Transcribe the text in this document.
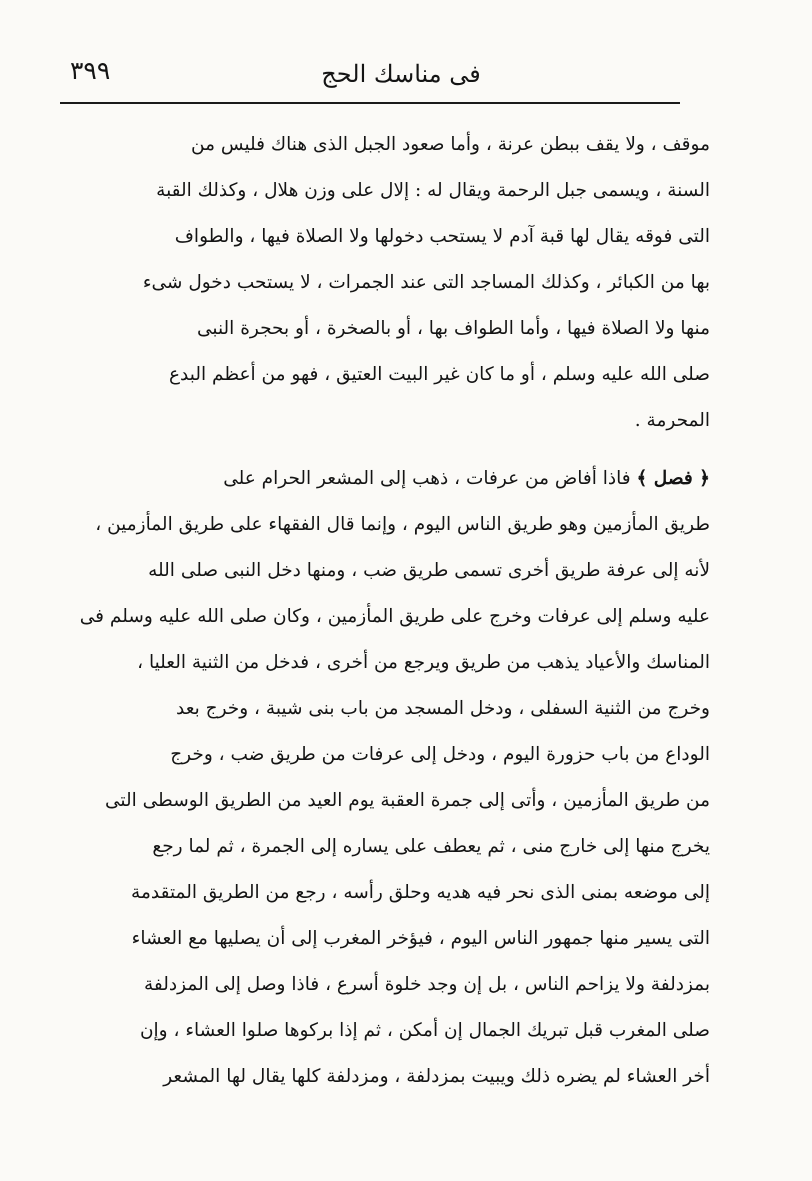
فى مناسك الحج
٣٩٩
موقف ، ولا يقف ببطن عرنة ، وأما صعود الجبل الذى هناك فليس من
السنة ، ويسمى جبل الرحمة ويقال له : إلال على وزن هلال ، وكذلك القبة
التى فوقه يقال لها قبة آدم لا يستحب دخولها ولا الصلاة فيها ، والطواف
بها من الكبائر ، وكذلك المساجد التى عند الجمرات ، لا يستحب دخول شىء
منها ولا الصلاة فيها ، وأما الطواف بها ، أو بالصخرة ، أو بحجرة النبى
صلى الله عليه وسلم ، أو ما كان غير البيت العتيق ، فهو من أعظم البدع
المحرمة .
﴿ فصل ﴾ فاذا أفاض من عرفات ، ذهب إلى المشعر الحرام على
طريق المأزمين وهو طريق الناس اليوم ، وإنما قال الفقهاء على طريق المأزمين ،
لأنه إلى عرفة طريق أخرى تسمى طريق ضب ، ومنها دخل النبى صلى الله
عليه وسلم إلى عرفات وخرج على طريق المأزمين ، وكان صلى الله عليه وسلم فى
المناسك والأعياد يذهب من طريق ويرجع من أخرى ، فدخل من الثنية العليا ،
وخرج من الثنية السفلى ، ودخل المسجد من باب بنى شيبة ، وخرج بعد
الوداع من باب حزورة اليوم ، ودخل إلى عرفات من طريق ضب ، وخرج
من طريق المأزمين ، وأتى إلى جمرة العقبة يوم العيد من الطريق الوسطى التى
يخرج منها إلى خارج منى ، ثم يعطف على يساره إلى الجمرة ، ثم لما رجع
إلى موضعه بمنى الذى نحر فيه هديه وحلق رأسه ، رجع من الطريق المتقدمة
التى يسير منها جمهور الناس اليوم ، فيؤخر المغرب إلى أن يصليها مع العشاء
بمزدلفة ولا يزاحم الناس ، بل إن وجد خلوة أسرع ، فاذا وصل إلى المزدلفة
صلى المغرب قبل تبريك الجمال إن أمكن ، ثم إذا بركوها صلوا العشاء ، وإن
أخر العشاء لم يضره ذلك ويبيت بمزدلفة ، ومزدلفة كلها يقال لها المشعر
